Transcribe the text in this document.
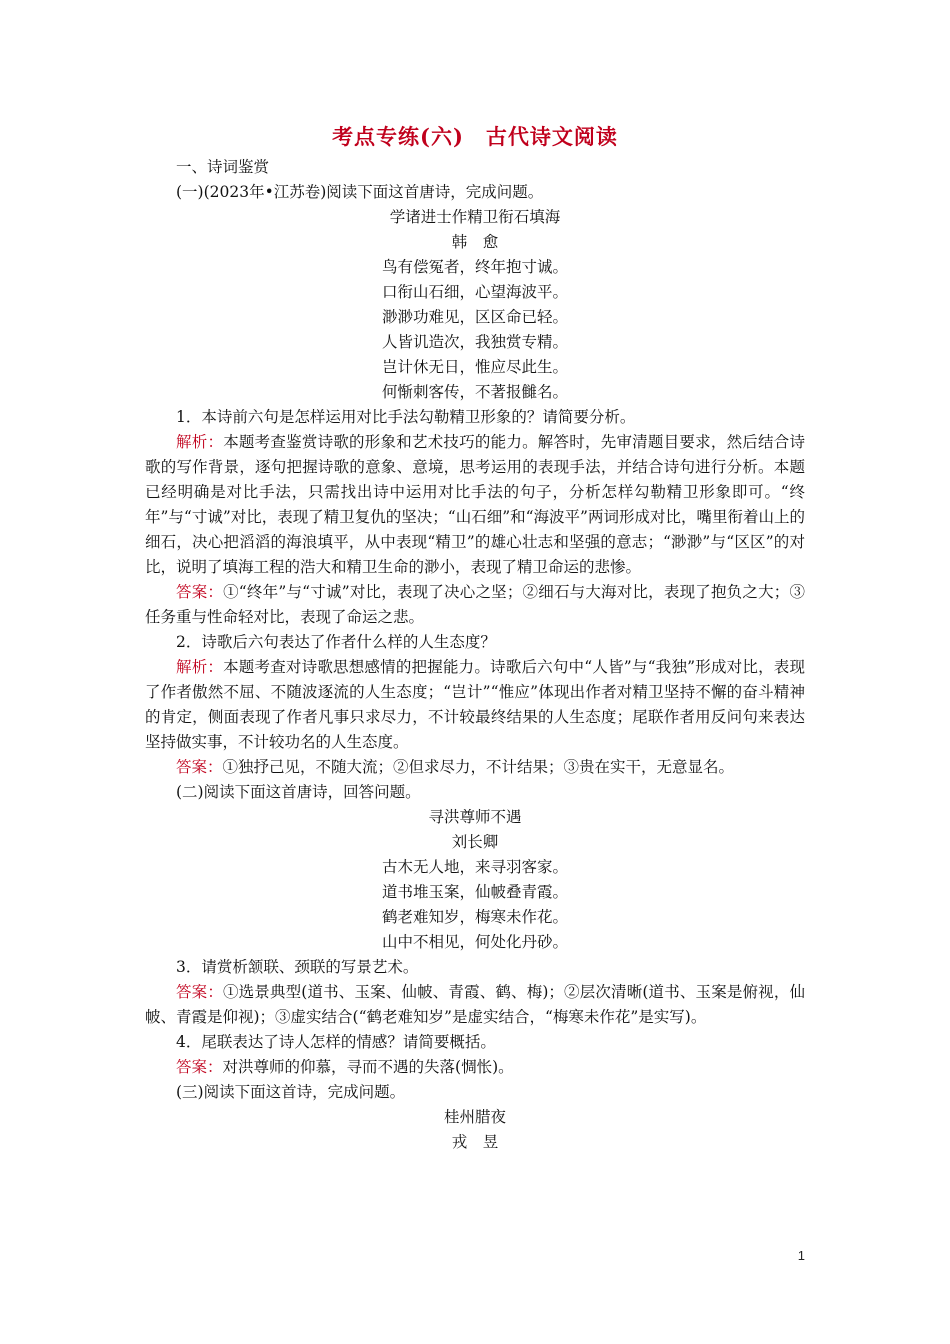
考点专练(六)　古代诗文阅读

一、诗词鉴赏

(一)(2023年•江苏卷)阅读下面这首唐诗，完成问题。

学诸进士作精卫衔石填海

韩　愈

鸟有偿冤者，终年抱寸诚。

口衔山石细，心望海波平。

渺渺功难见，区区命已轻。

人皆讥造次，我独赏专精。

岂计休无日，惟应尽此生。

何惭刺客传，不著报雠名。

1．本诗前六句是怎样运用对比手法勾勒精卫形象的？请简要分析。

解析：本题考查鉴赏诗歌的形象和艺术技巧的能力。解答时，先审清题目要求，然后结合诗歌的写作背景，逐句把握诗歌的意象、意境，思考运用的表现手法，并结合诗句进行分析。本题已经明确是对比手法，只需找出诗中运用对比手法的句子，分析怎样勾勒精卫形象即可。“终年”与“寸诚”对比，表现了精卫复仇的坚决；“山石细”和“海波平”两词形成对比，嘴里衔着山上的细石，决心把滔滔的海浪填平，从中表现“精卫”的雄心壮志和坚强的意志；“渺渺”与“区区”的对比，说明了填海工程的浩大和精卫生命的渺小，表现了精卫命运的悲惨。

答案：①“终年”与“寸诚”对比，表现了决心之坚；②细石与大海对比，表现了抱负之大；③任务重与性命轻对比，表现了命运之悲。

2．诗歌后六句表达了作者什么样的人生态度？

解析：本题考查对诗歌思想感情的把握能力。诗歌后六句中“人皆”与“我独”形成对比，表现了作者傲然不屈、不随波逐流的人生态度；“岂计”“惟应”体现出作者对精卫坚持不懈的奋斗精神的肯定，侧面表现了作者凡事只求尽力，不计较最终结果的人生态度；尾联作者用反问句来表达坚持做实事，不计较功名的人生态度。

答案：①独抒己见，不随大流；②但求尽力，不计结果；③贵在实干，无意显名。

(二)阅读下面这首唐诗，回答问题。

寻洪尊师不遇

刘长卿

古木无人地，来寻羽客家。

道书堆玉案，仙帔叠青霞。

鹤老难知岁，梅寒未作花。

山中不相见，何处化丹砂。

3．请赏析颔联、颈联的写景艺术。

答案：①选景典型(道书、玉案、仙帔、青霞、鹤、梅)；②层次清晰(道书、玉案是俯视，仙帔、青霞是仰视)；③虚实结合(“鹤老难知岁”是虚实结合，“梅寒未作花”是实写)。

4．尾联表达了诗人怎样的情感？请简要概括。

答案：对洪尊师的仰慕，寻而不遇的失落(惆怅)。

(三)阅读下面这首诗，完成问题。

桂州腊夜

戎　昱

1
